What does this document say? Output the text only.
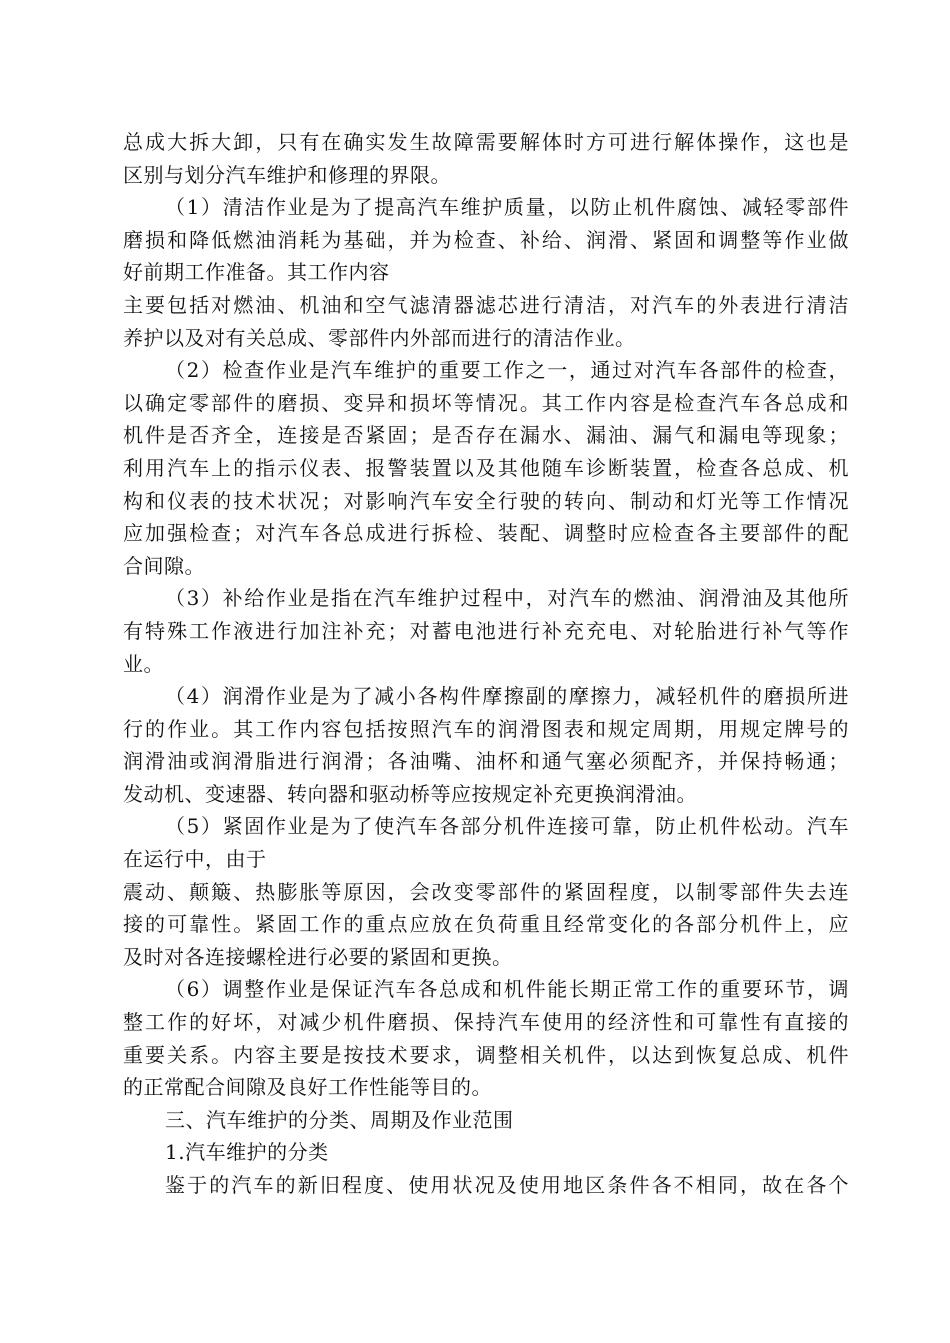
总成大拆大卸，只有在确实发生故障需要解体时方可进行解体操作，这也是
区别与划分汽车维护和修理的界限。
（1）清洁作业是为了提高汽车维护质量，以防止机件腐蚀、减轻零部件
磨损和降低燃油消耗为基础，并为检查、补给、润滑、紧固和调整等作业做
好前期工作准备。其工作内容
主要包括对燃油、机油和空气滤清器滤芯进行清洁，对汽车的外表进行清洁
养护以及对有关总成、零部件内外部而进行的清洁作业。
（2）检查作业是汽车维护的重要工作之一，通过对汽车各部件的检查，
以确定零部件的磨损、变异和损坏等情况。其工作内容是检查汽车各总成和
机件是否齐全，连接是否紧固；是否存在漏水、漏油、漏气和漏电等现象；
利用汽车上的指示仪表、报警装置以及其他随车诊断装置，检查各总成、机
构和仪表的技术状况；对影响汽车安全行驶的转向、制动和灯光等工作情况
应加强检查；对汽车各总成进行拆检、装配、调整时应检查各主要部件的配
合间隙。
（3）补给作业是指在汽车维护过程中，对汽车的燃油、润滑油及其他所
有特殊工作液进行加注补充；对蓄电池进行补充充电、对轮胎进行补气等作
业。
（4）润滑作业是为了减小各构件摩擦副的摩擦力，减轻机件的磨损所进
行的作业。其工作内容包括按照汽车的润滑图表和规定周期，用规定牌号的
润滑油或润滑脂进行润滑；各油嘴、油杯和通气塞必须配齐，并保持畅通；
发动机、变速器、转向器和驱动桥等应按规定补充更换润滑油。
（5）紧固作业是为了使汽车各部分机件连接可靠，防止机件松动。汽车
在运行中，由于
震动、颠簸、热膨胀等原因，会改变零部件的紧固程度，以制零部件失去连
接的可靠性。紧固工作的重点应放在负荷重且经常变化的各部分机件上，应
及时对各连接螺栓进行必要的紧固和更换。
（6）调整作业是保证汽车各总成和机件能长期正常工作的重要环节，调
整工作的好坏，对减少机件磨损、保持汽车使用的经济性和可靠性有直接的
重要关系。内容主要是按技术要求，调整相关机件，以达到恢复总成、机件
的正常配合间隙及良好工作性能等目的。
三、汽车维护的分类、周期及作业范围
1.汽车维护的分类
鉴于的汽车的新旧程度、使用状况及使用地区条件各不相同，故在各个
